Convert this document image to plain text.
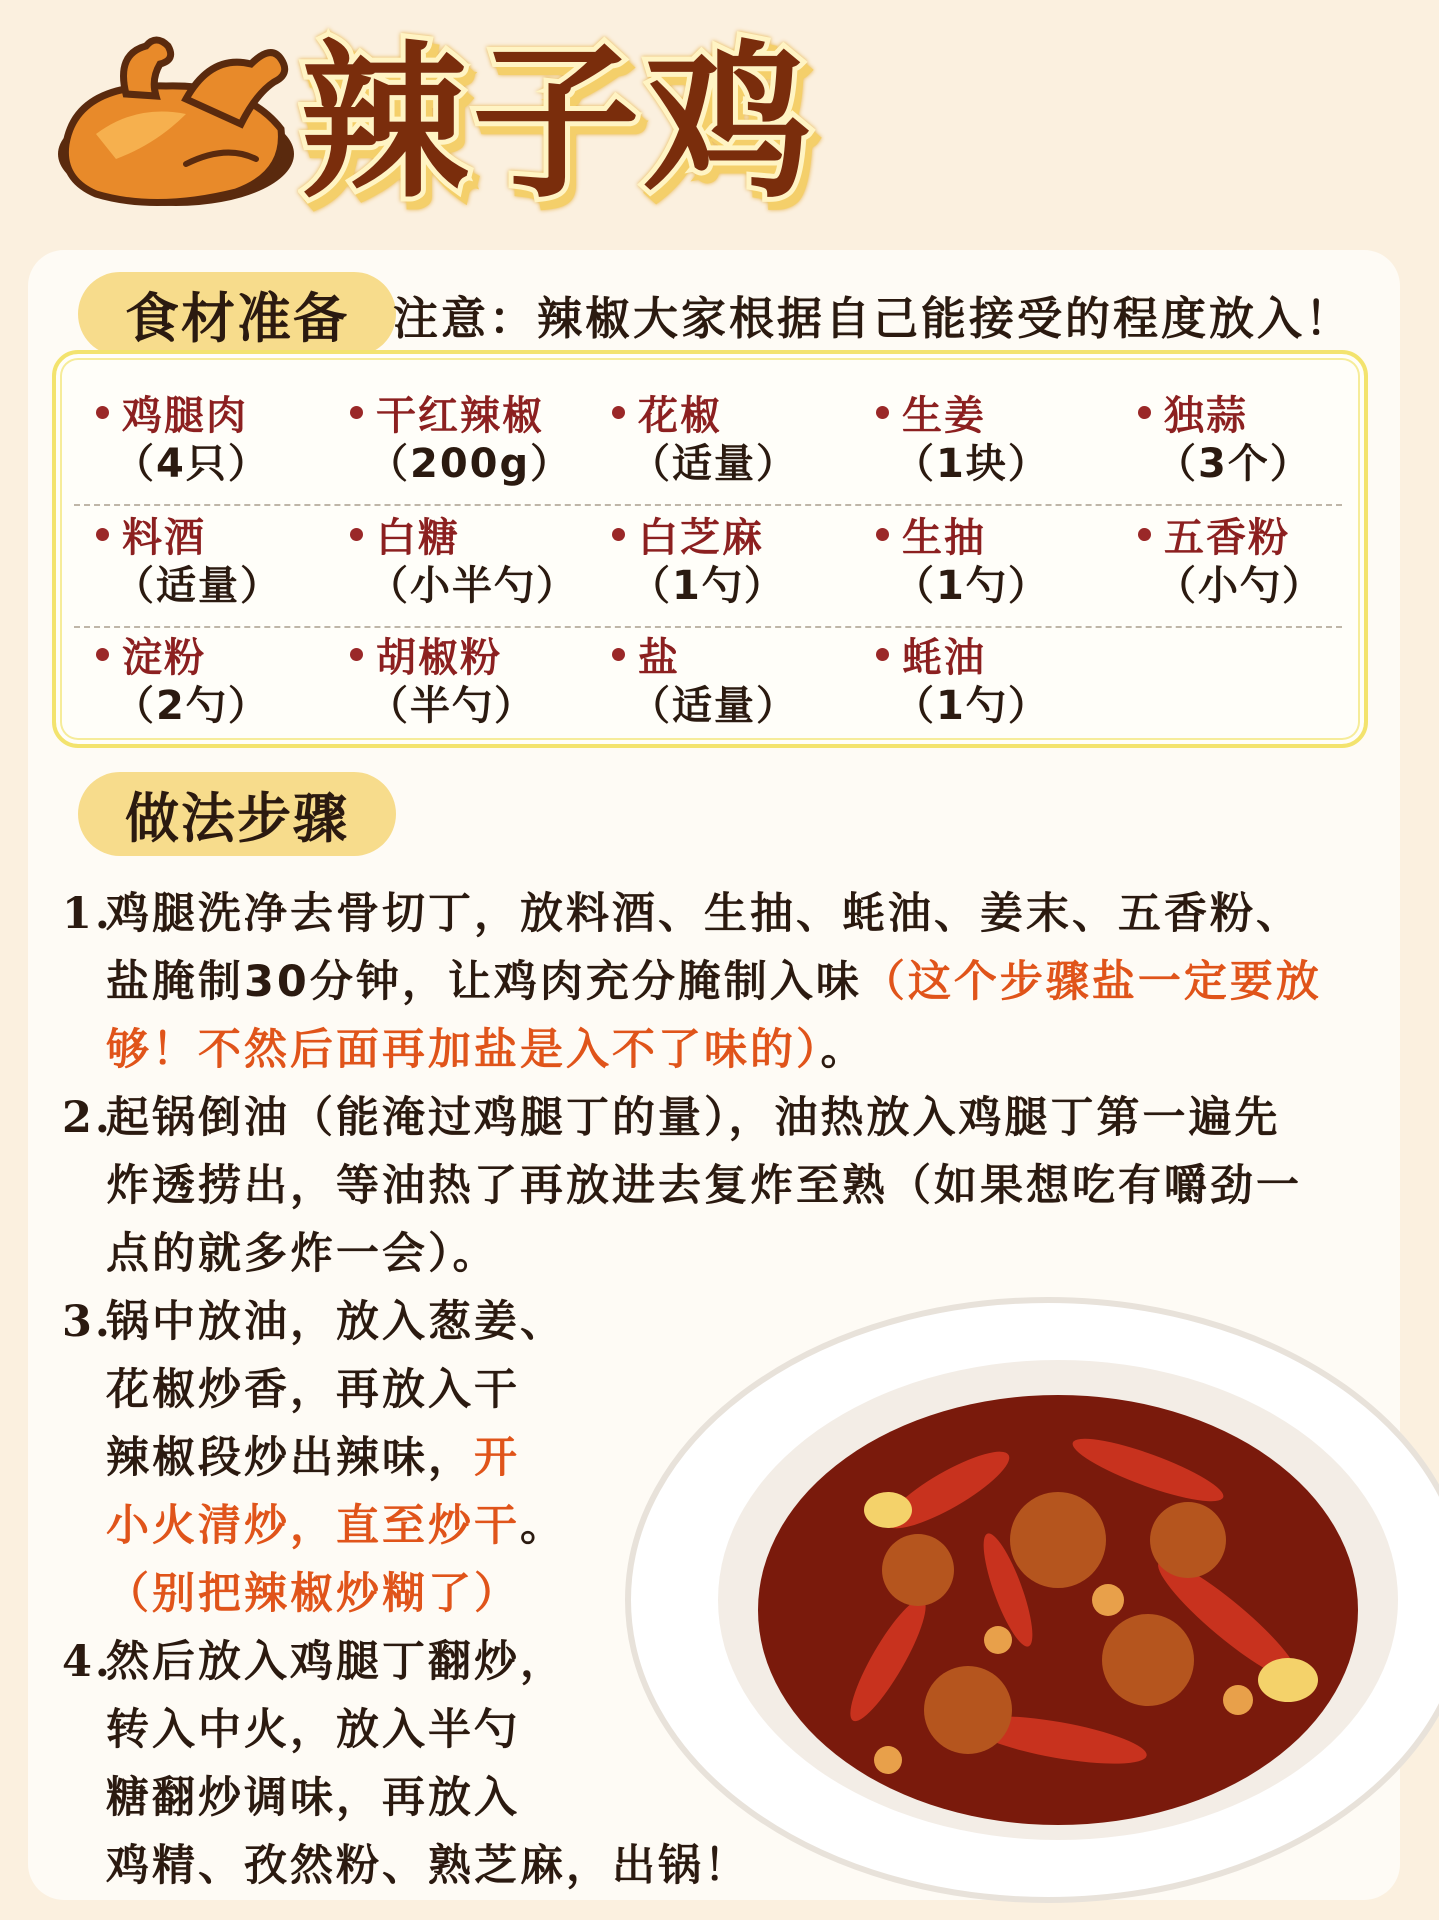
辣子鸡
食材准备 注意：辣椒大家根据自己能接受的程度放入！
鸡腿肉
（4只）
干红辣椒
（200g）
花椒
（适量）
生姜
（1块）
独蒜
（3个）
料酒
（适量）
白糖
（小半勺）
白芝麻
（1勺）
生抽
（1勺）
五香粉
（小勺）
淀粉
（2勺）
胡椒粉
（半勺）
盐
（适量）
蚝油
（1勺）
做法步骤
1.
鸡腿洗净去骨切丁，放料酒、生抽、蚝油、姜末、五香粉、
盐腌制30分钟，让鸡肉充分腌制入味（这个步骤盐一定要放
够！不然后面再加盐是入不了味的）。
2.
起锅倒油（能淹过鸡腿丁的量），油热放入鸡腿丁第一遍先
炸透捞出，等油热了再放进去复炸至熟（如果想吃有嚼劲一
点的就多炸一会）。
3.
锅中放油，放入葱姜、
花椒炒香，再放入干
辣椒段炒出辣味，开
小火清炒，直至炒干。
（别把辣椒炒糊了）
4.
然后放入鸡腿丁翻炒，
转入中火，放入半勺
糖翻炒调味，再放入
鸡精、孜然粉、熟芝麻，出锅！
